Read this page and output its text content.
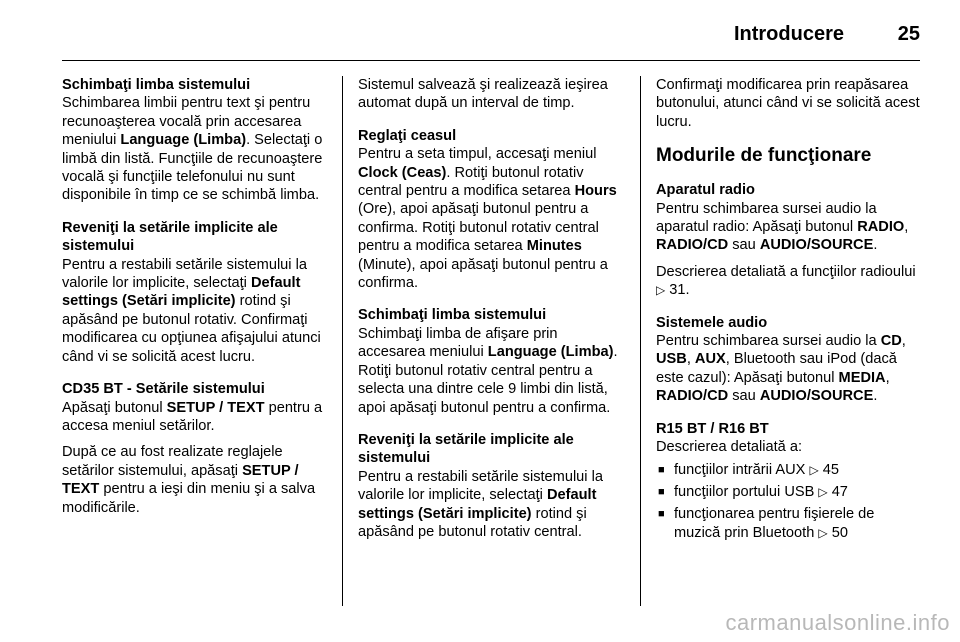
Introducere	25
Schimbaţi limba sistemului
Schimbarea limbii pentru text şi pentru recunoaşterea vocală prin accesarea meniului Language (Limba). Selectaţi o limbă din listă. Funcţiile de recunoaştere vocală şi funcţiile telefonului nu sunt disponibile în timp ce se schimbă limba.
Reveniţi la setările implicite ale sistemului
Pentru a restabili setările sistemului la valorile lor implicite, selectaţi Default settings (Setări implicite) rotind şi apăsând pe butonul rotativ. Confirmaţi modificarea cu opţiunea afişajului atunci când vi se solicită acest lucru.
CD35 BT - Setările sistemului
Apăsaţi butonul SETUP / TEXT pentru a accesa meniul setărilor.
După ce au fost realizate reglajele setărilor sistemului, apăsaţi SETUP / TEXT pentru a ieşi din meniu şi a salva modificările.
Sistemul salvează şi realizează ieşirea automat după un interval de timp.
Reglaţi ceasul
Pentru a seta timpul, accesaţi meniul Clock (Ceas). Rotiţi butonul rotativ central pentru a modifica setarea Hours (Ore), apoi apăsaţi butonul pentru a confirma. Rotiţi butonul rotativ central pentru a modifica setarea Minutes (Minute), apoi apăsaţi butonul pentru a confirma.
Schimbaţi limba sistemului
Schimbaţi limba de afişare prin accesarea meniului Language (Limba). Rotiţi butonul rotativ central pentru a selecta una dintre cele 9 limbi din listă, apoi apăsaţi butonul pentru a confirma.
Reveniţi la setările implicite ale sistemului
Pentru a restabili setările sistemului la valorile lor implicite, selectaţi Default settings (Setări implicite) rotind şi apăsând pe butonul rotativ central.
Confirmaţi modificarea prin reapăsarea butonului, atunci când vi se solicită acest lucru.
Modurile de funcţionare
Aparatul radio
Pentru schimbarea sursei audio la aparatul radio: Apăsaţi butonul RADIO, RADIO/CD sau AUDIO/SOURCE.
Descrierea detaliată a funcţiilor radioului ▷ 31.
Sistemele audio
Pentru schimbarea sursei audio la CD, USB, AUX, Bluetooth sau iPod (dacă este cazul): Apăsaţi butonul MEDIA, RADIO/CD sau AUDIO/SOURCE.
R15 BT / R16 BT
Descrierea detaliată a:
■ funcţiilor intrării AUX ▷ 45
■ funcţiilor portului USB ▷ 47
■ funcţionarea pentru fişierele de muzică prin Bluetooth ▷ 50
carmanualsonline.info
